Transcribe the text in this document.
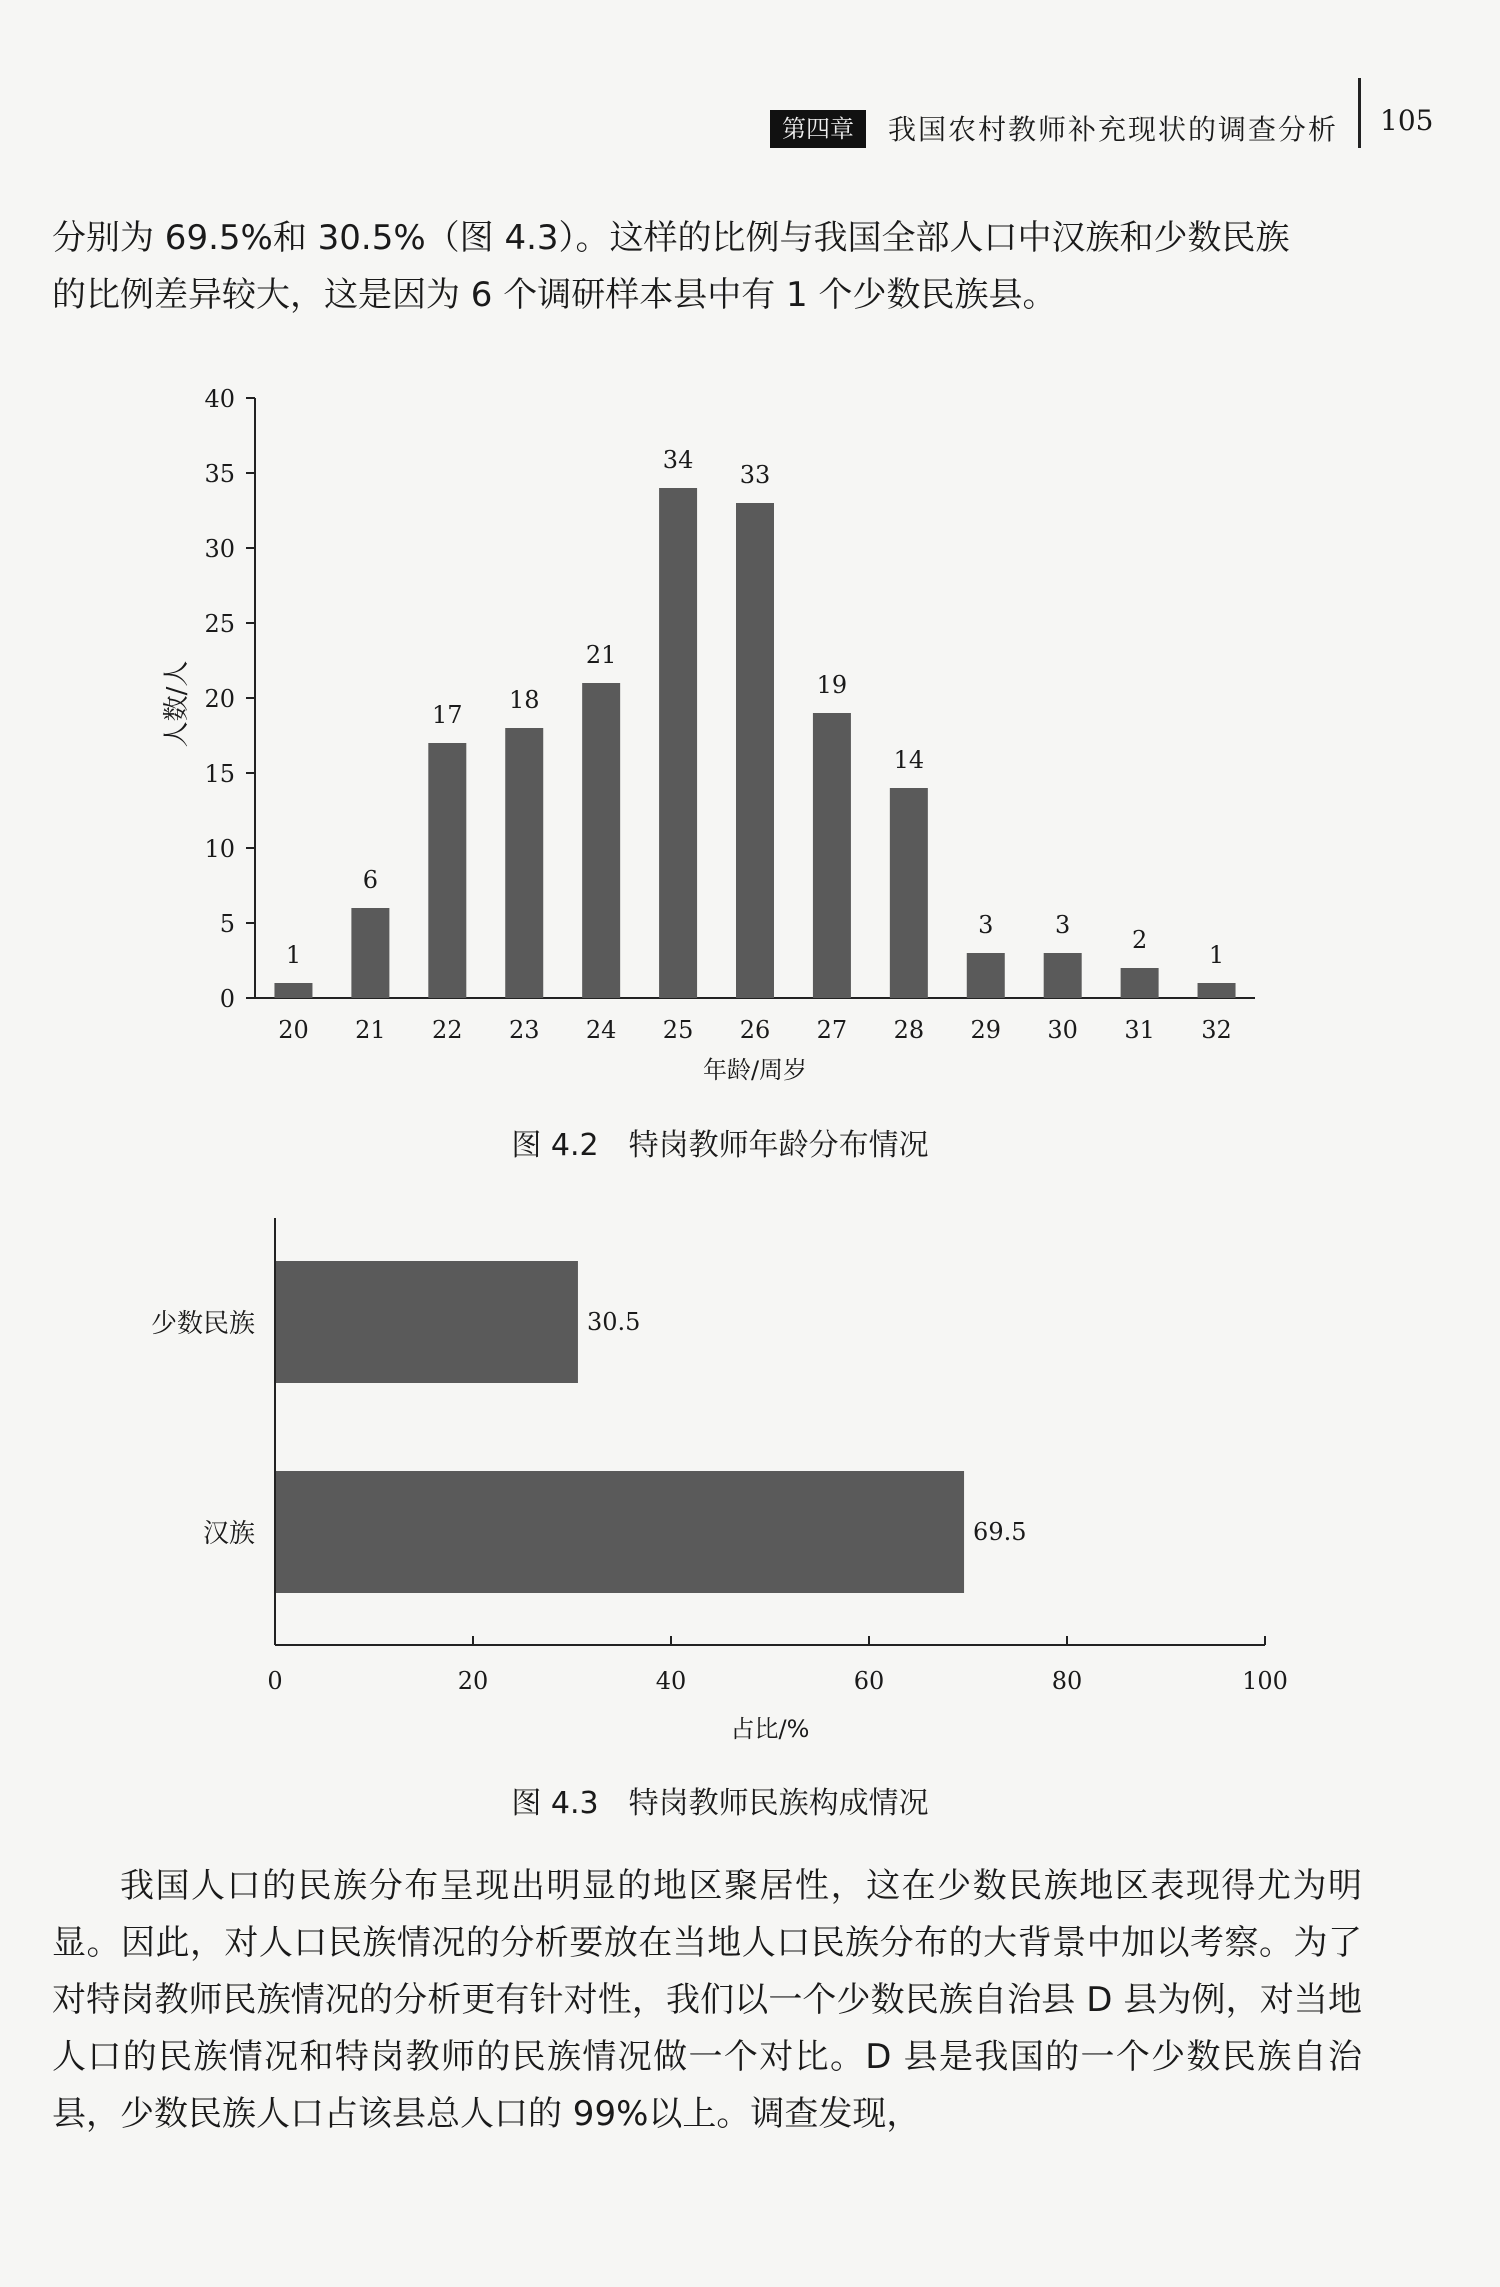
第四章	我国农村教师补充现状的调查分析 105

分别为 69.5%和 30.5%（图 4.3）。这样的比例与我国全部人口中汉族和少数民族

的比例差异较大，这是因为 6 个调研样本县中有 1 个少数民族县。

0
5
10
15
20
25
30
35
40
1
20
6
21
17
22
18
23
21
24
34
25
33
26
19
27
14
28
3
29
3
30
2
31
1
32
年龄/周岁
人数/人
图 4.2　特岗教师年龄分布情况
0	20	40	60	80	100
占比/%
30.5
少数民族
69.5
汉族
图 4.3　特岗教师民族构成情况

我国人口的民族分布呈现出明显的地区聚居性，这在少数民族地区表现得尤为明显。因此，对人口民族情况的分析要放在当地人口民族分布的大背景中加以考察。为了对特岗教师民族情况的分析更有针对性，我们以一个少数民族自治县 D 县为例，对当地人口的民族情况和特岗教师的民族情况做一个对比。D 县是我国的一个少数民族自治县，少数民族人口占该县总人口的 99%以上。调查发现，
